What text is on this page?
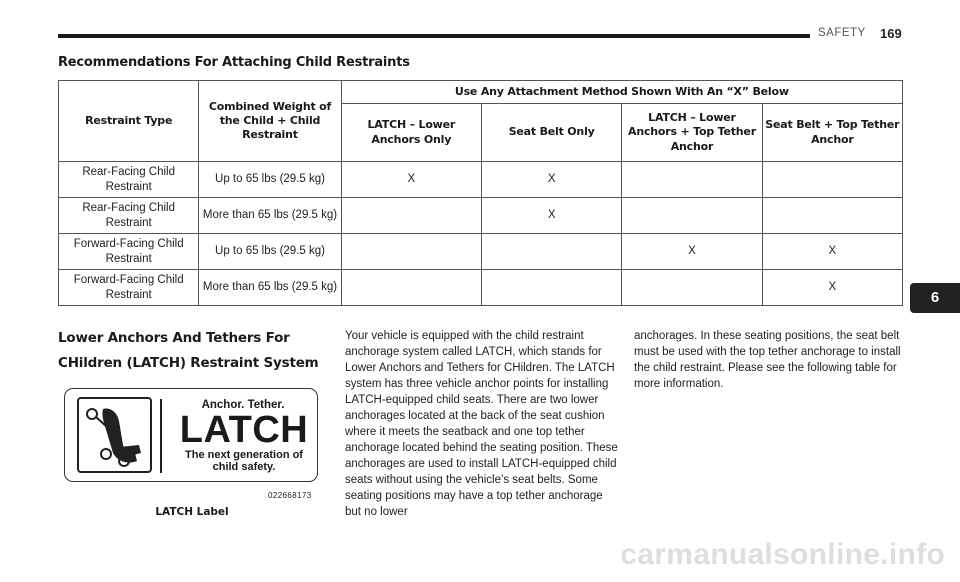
SAFETY 169
Recommendations For Attaching Child Restraints
Restraint Type	Combined Weight of the Child + Child Restraint	Use Any Attachment Method Shown With An “X” Below			
		LATCH – Lower Anchors Only	Seat Belt Only	LATCH – Lower Anchors + Top Tether Anchor	Seat Belt + Top Tether Anchor
Rear-Facing Child Restraint	Up to 65 lbs (29.5 kg)	X	X		
Rear-Facing Child Restraint	More than 65 lbs (29.5 kg)		X		
Forward-Facing Child Restraint	Up to 65 lbs (29.5 kg)			X	X
Forward-Facing Child Restraint	More than 65 lbs (29.5 kg)				X
Lower Anchors And Tethers For CHildren (LATCH) Restraint System
Anchor. Tether.
LATCH
The next generation of child safety.
022668173
LATCH Label
Your vehicle is equipped with the child restraint anchorage system called LATCH, which stands for Lower Anchors and Tethers for CHildren. The LATCH system has three vehicle anchor points for installing LATCH-equipped child seats. There are two lower anchorages located at the back of the seat cushion where it meets the seatback and one top tether anchorage located behind the seating position. These anchorages are used to install LATCH-equipped child seats without using the vehicle’s seat belts. Some seating positions may have a top tether anchorage but no lower
anchorages. In these seating positions, the seat belt must be used with the top tether anchorage to install the child restraint. Please see the following table for more information.
6
carmanualsonline.info
